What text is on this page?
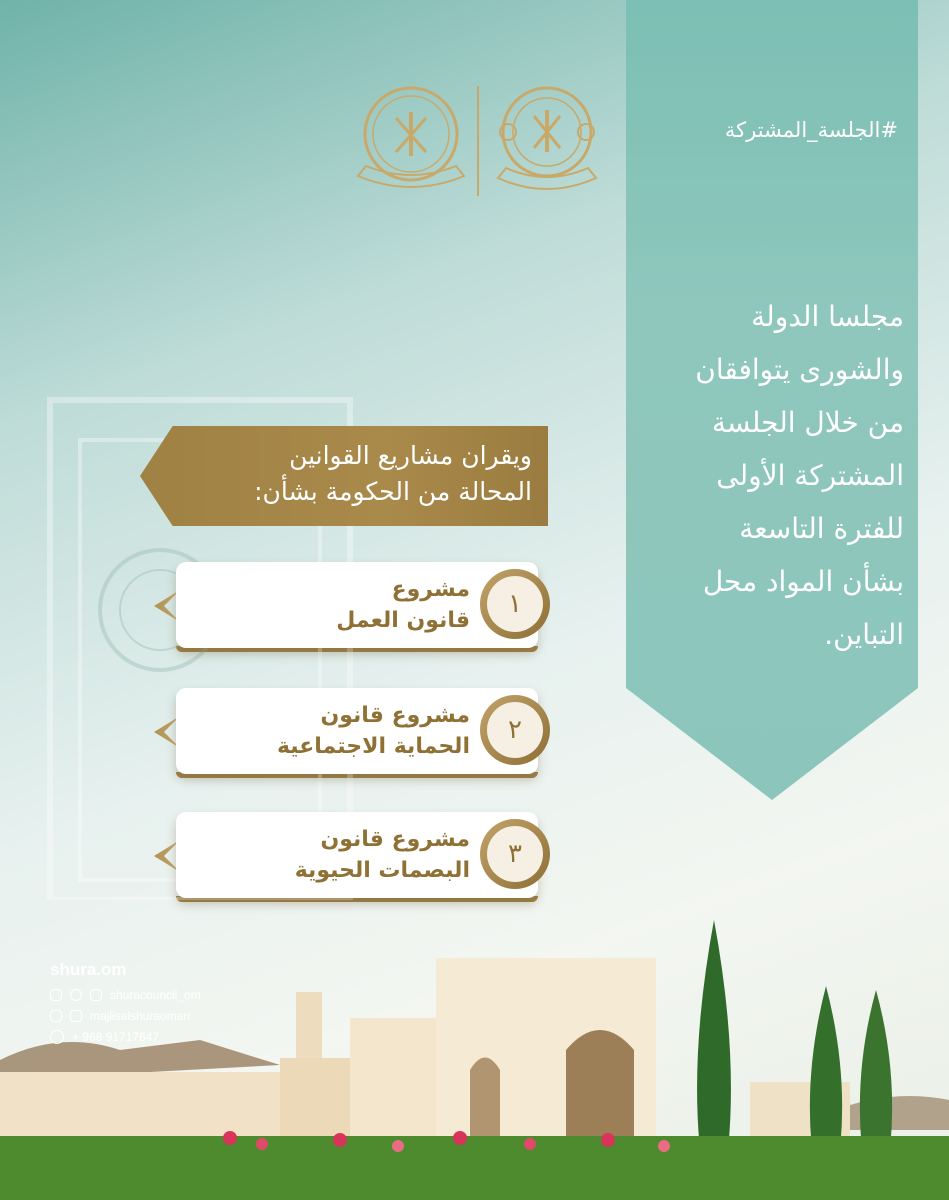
#الجلسة_المشتركة
مجلسا الدولة
والشورى يتوافقان
من خلال الجلسة
المشتركة الأولى
للفترة التاسعة
بشأن المواد محل
التباين.
ويقران مشاريع القوانين
المحالة من الحكومة بشأن:
مشروع
قانون العمل
١
مشروع قانون
الحماية الاجتماعية
٢
مشروع قانون
البصمات الحيوية
٣
shura.om
shuracouncil_om
majlisalshuraoman
+ 968 91717647
